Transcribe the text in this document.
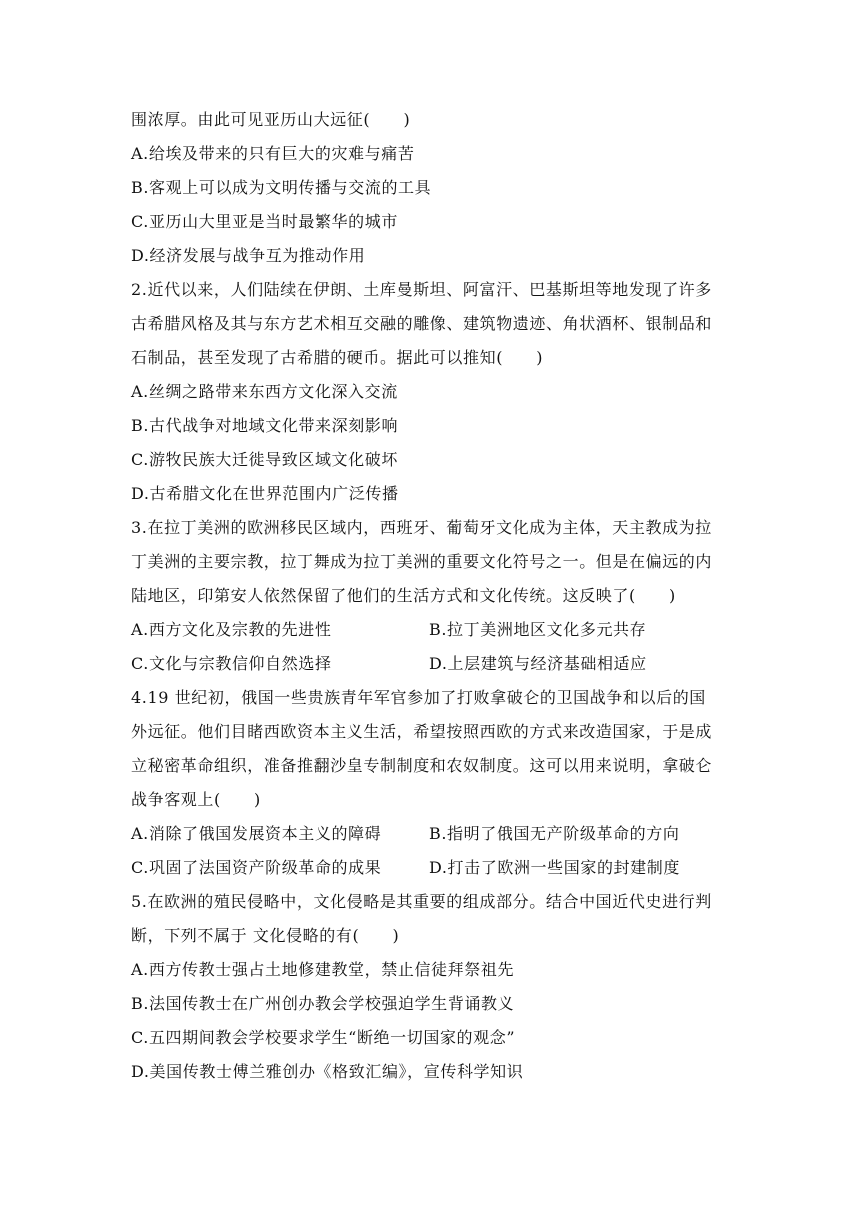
围浓厚。由此可见亚历山大远征(　　)
A.给埃及带来的只有巨大的灾难与痛苦
B.客观上可以成为文明传播与交流的工具
C.亚历山大里亚是当时最繁华的城市
D.经济发展与战争互为推动作用
2.近代以来，人们陆续在伊朗、土库曼斯坦、阿富汗、巴基斯坦等地发现了许多
古希腊风格及其与东方艺术相互交融的雕像、建筑物遗迹、角状酒杯、银制品和
石制品，甚至发现了古希腊的硬币。据此可以推知(　　)
A.丝绸之路带来东西方文化深入交流
B.古代战争对地域文化带来深刻影响
C.游牧民族大迁徙导致区域文化破坏
D.古希腊文化在世界范围内广泛传播
3.在拉丁美洲的欧洲移民区域内，西班牙、葡萄牙文化成为主体，天主教成为拉
丁美洲的主要宗教，拉丁舞成为拉丁美洲的重要文化符号之一。但是在偏远的内
陆地区，印第安人依然保留了他们的生活方式和文化传统。这反映了(　　)
A.西方文化及宗教的先进性	B.拉丁美洲地区文化多元共存
C.文化与宗教信仰自然选择	D.上层建筑与经济基础相适应
4.19 世纪初，俄国一些贵族青年军官参加了打败拿破仑的卫国战争和以后的国
外远征。他们目睹西欧资本主义生活，希望按照西欧的方式来改造国家，于是成
立秘密革命组织，准备推翻沙皇专制制度和农奴制度。这可以用来说明，拿破仑
战争客观上(　　)
A.消除了俄国发展资本主义的障碍	B.指明了俄国无产阶级革命的方向
C.巩固了法国资产阶级革命的成果	D.打击了欧洲一些国家的封建制度
5.在欧洲的殖民侵略中，文化侵略是其重要的组成部分。结合中国近代史进行判
断，下列不属于 文化侵略的有(　　)
A.西方传教士强占土地修建教堂，禁止信徒拜祭祖先
B.法国传教士在广州创办教会学校强迫学生背诵教义
C.五四期间教会学校要求学生“断绝一切国家的观念”
D.美国传教士傅兰雅创办《格致汇编》，宣传科学知识
